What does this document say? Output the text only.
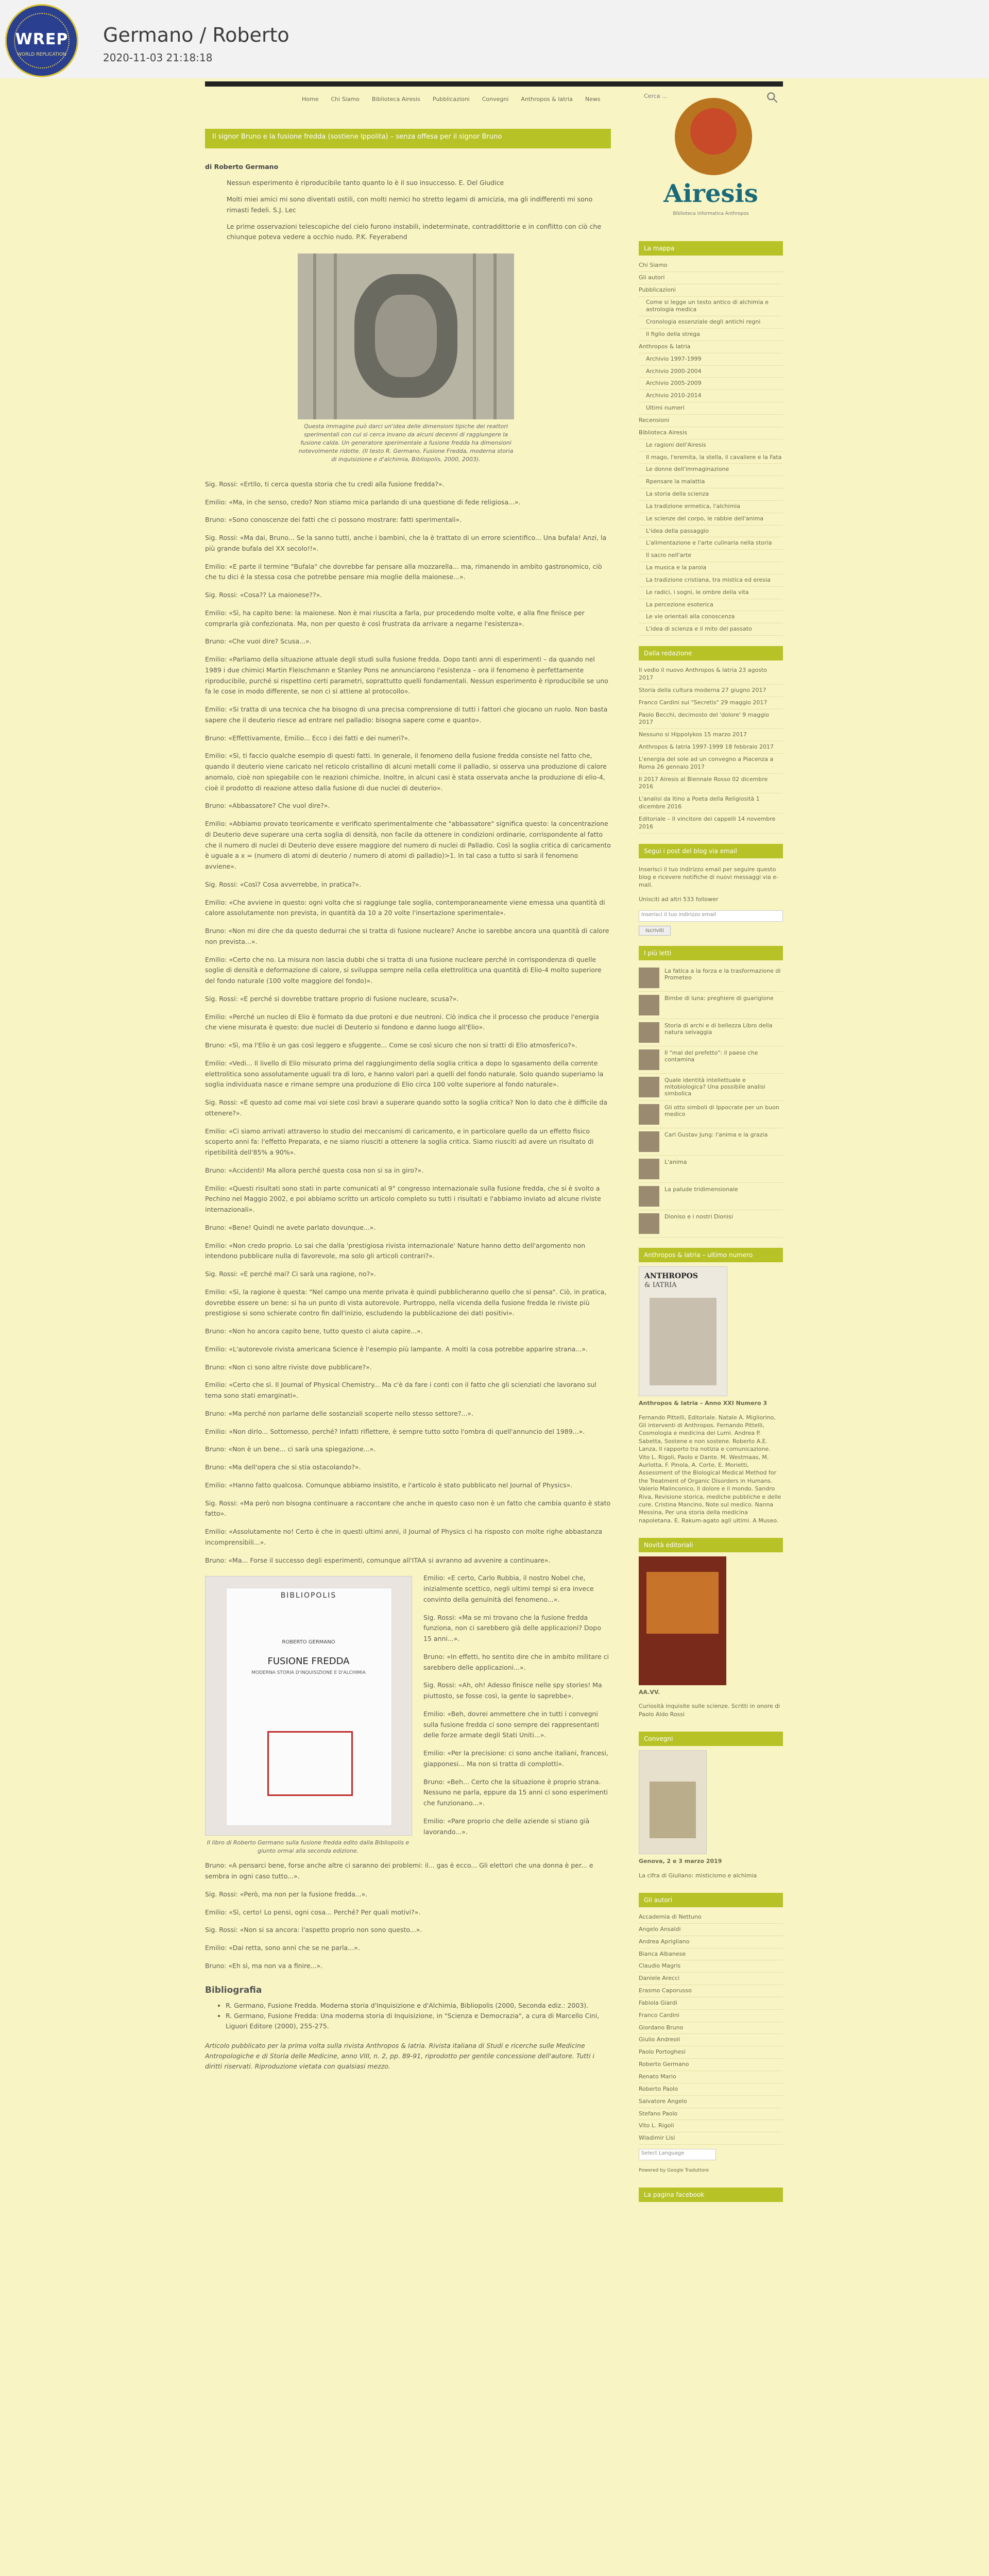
WREP
WORLD REPLICATION
Germano / Roberto
2020-11-03 21:18:18
Home Chi Siamo Biblioteca Airesis Pubblicazioni Convegni Anthropos & Iatria News	Cerca …
Il signor Bruno e la fusione fredda (sostiene Ippolita) – senza offesa per il signor Bruno
di Roberto Germano

Nessun esperimento è riproducibile tanto quanto lo è il suo insuccesso. E. Del Giudice

Molti miei amici mi sono diventati ostili, con molti nemici ho stretto legami di amicizia, ma gli indifferenti mi sono rimasti fedeli. S.J. Lec

Le prime osservazioni telescopiche del cielo furono instabili, indeterminate, contraddittorie e in conflitto con ciò che chiunque poteva vedere a occhio nudo. P.K. Feyerabend

Questa immagine può darci un'idea delle dimensioni tipiche dei reattori sperimentali con cui si cerca invano da alcuni decenni di raggiungere la fusione calda. Un generatore sperimentale a fusione fredda ha dimensioni notevolmente ridotte. (Il testo R. Germano, Fusione Fredda, moderna storia di inquisizione e d'alchimia, Bibliopolis, 2000, 2003).

Sig. Rossi: «Ertllo, ti cerca questa storia che tu credi alla fusione fredda?».

Emilio: «Ma, in che senso, credo? Non stiamo mica parlando di una questione di fede religiosa...».

Bruno: «Sono conoscenze dei fatti che ci possono mostrare: fatti sperimentali».

Sig. Rossi: «Ma dai, Bruno... Se la sanno tutti, anche i bambini, che la è trattato di un errore scientifico... Una bufala! Anzi, la più grande bufala del XX secolo!!».

Emilio: «E parte il termine "Bufala" che dovrebbe far pensare alla mozzarella... ma, rimanendo in ambito gastronomico, ciò che tu dici è la stessa cosa che potrebbe pensare mia moglie della maionese...».

Sig. Rossi: «Cosa?? La maionese??».

Emilio: «Sì, ha capito bene: la maionese. Non è mai riuscita a farla, pur procedendo molte volte, e alla fine finisce per comprarla già confezionata. Ma, non per questo è così frustrata da arrivare a negarne l'esistenza».

Bruno: «Che vuoi dire? Scusa...».

Emilio: «Parliamo della situazione attuale degli studi sulla fusione fredda. Dopo tanti anni di esperimenti – da quando nel 1989 i due chimici Martin Fleischmann e Stanley Pons ne annunciarono l'esistenza – ora il fenomeno è perfettamente riproducibile, purché si rispettino certi parametri, soprattutto quelli fondamentali. Nessun esperimento è riproducibile se uno fa le cose in modo differente, se non ci si attiene al protocollo».

Emilio: «Si tratta di una tecnica che ha bisogno di una precisa comprensione di tutti i fattori che giocano un ruolo. Non basta sapere che il deuterio riesce ad entrare nel palladio: bisogna sapere come e quanto».

Bruno: «Effettivamente, Emilio... Ecco i dei fatti e dei numeri?».

Emilio: «Sì, ti faccio qualche esempio di questi fatti. In generale, il fenomeno della fusione fredda consiste nel fatto che, quando il deuterio viene caricato nel reticolo cristallino di alcuni metalli come il palladio, si osserva una produzione di calore anomalo, cioè non spiegabile con le reazioni chimiche. Inoltre, in alcuni casi è stata osservata anche la produzione di elio-4, cioè il prodotto di reazione atteso dalla fusione di due nuclei di deuterio».

Bruno: «Abbassatore? Che vuol dire?».

Emilio: «Abbiamo provato teoricamente e verificato sperimentalmente che "abbassatore" significa questo: la concentrazione di Deuterio deve superare una certa soglia di densità, non facile da ottenere in condizioni ordinarie, corrispondente al fatto che il numero di nuclei di Deuterio deve essere maggiore del numero di nuclei di Palladio. Così la soglia critica di caricamento è uguale a x = (numero di atomi di deuterio / numero di atomi di palladio)>1. In tal caso a tutto si sarà il fenomeno avviene».

Sig. Rossi: «Così? Cosa avverrebbe, in pratica?».

Emilio: «Che avviene in questo: ogni volta che si raggiunge tale soglia, contemporaneamente viene emessa una quantità di calore assolutamente non prevista, in quantità da 10 a 20 volte l'insertazione sperimentale».

Bruno: «Non mi dire che da questo dedurrai che si tratta di fusione nucleare? Anche io sarebbe ancora una quantità di calore non prevista...».

Emilio: «Certo che no. La misura non lascia dubbi che si tratta di una fusione nucleare perché in corrispondenza di quelle soglie di densità e deformazione di calore, si sviluppa sempre nella cella elettrolitica una quantità di Elio-4 molto superiore del fondo naturale (100 volte maggiore del fondo)».

Sig. Rossi: «E perché si dovrebbe trattare proprio di fusione nucleare, scusa?».

Emilio: «Perché un nucleo di Elio è formato da due protoni e due neutroni. Ciò indica che il processo che produce l'energia che viene misurata è questo: due nuclei di Deuterio si fondono e danno luogo all'Elio».

Bruno: «Sì, ma l'Elio è un gas così leggero e sfuggente... Come se così sicuro che non si tratti di Elio atmosferico?».

Emilio: «Vedi... Il livello di Elio misurato prima del raggiungimento della soglia critica a dopo lo sgasamento della corrente elettrolitica sono assolutamente uguali tra di loro, e hanno valori pari a quelli del fondo naturale. Solo quando superiamo la soglia individuata nasce e rimane sempre una produzione di Elio circa 100 volte superiore al fondo naturale».

Sig. Rossi: «E questo ad come mai voi siete così bravi a superare quando sotto la soglia critica? Non lo dato che è difficile da ottenere?».

Emilio: «Ci siamo arrivati attraverso lo studio dei meccanismi di caricamento, e in particolare quello da un effetto fisico scoperto anni fa: l'effetto Preparata, e ne siamo riusciti a ottenere la soglia critica. Siamo riusciti ad avere un risultato di ripetibilità dell'85% a 90%».

Bruno: «Accidenti! Ma allora perché questa cosa non si sa in giro?».

Emilio: «Questi risultati sono stati in parte comunicati al 9° congresso internazionale sulla fusione fredda, che si è svolto a Pechino nel Maggio 2002, e poi abbiamo scritto un articolo completo su tutti i risultati e l'abbiamo inviato ad alcune riviste internazionali».

Bruno: «Bene! Quindi ne avete parlato dovunque...».

Emilio: «Non credo proprio. Lo sai che dalla 'prestigiosa rivista internazionale' Nature hanno detto dell'argomento non intendono pubblicare nulla di favorevole, ma solo gli articoli contrari?».

Sig. Rossi: «E perché mai? Ci sarà una ragione, no?».

Emilio: «Sì, la ragione è questa: "Nel campo una mente privata è quindi pubblicheranno quello che si pensa". Ciò, in pratica, dovrebbe essere un bene: si ha un punto di vista autorevole. Purtroppo, nella vicenda della fusione fredda le riviste più prestigiose si sono schierate contro fin dall'inizio, escludendo la pubblicazione dei dati positivi».

Bruno: «Non ho ancora capito bene, tutto questo ci aiuta capire...».

Emilio: «L'autorevole rivista americana Science è l'esempio più lampante. A molti la cosa potrebbe apparire strana...».

Bruno: «Non ci sono altre riviste dove pubblicare?».

Emilio: «Certo che sì. Il Journal of Physical Chemistry... Ma c'è da fare i conti con il fatto che gli scienziati che lavorano sul tema sono stati emarginati».

Bruno: «Ma perché non parlarne delle sostanziali scoperte nello stesso settore?...».

Emilio: «Non dirlo... Sottomesso, perché? Infatti riflettere, è sempre tutto sotto l'ombra di quell'annuncio del 1989...».

Bruno: «Non è un bene... ci sarà una spiegazione...».

Bruno: «Ma dell'opera che si stia ostacolando?».

Emilio: «Hanno fatto qualcosa. Comunque abbiamo insistito, e l'articolo è stato pubblicato nel Journal of Physics».

Sig. Rossi: «Ma però non bisogna continuare a raccontare che anche in questo caso non è un fatto che cambia quanto è stato fatto».

Emilio: «Assolutamente no! Certo è che in questi ultimi anni, il Journal of Physics ci ha risposto con molte righe abbastanza incomprensibili...».

Bruno: «Ma... Forse il successo degli esperimenti, comunque all'ITAA si avranno ad avvenire a continuare».

BIBLIOPOLIS
ROBERTO GERMANO
FUSIONE FREDDA
MODERNA STORIA D'INQUISIZIONE E D'ALCHIMIA
Il libro di Roberto Germano sulla fusione fredda edito dalla Bibliopolis e giunto ormai alla seconda edizione.

Emilio: «E certo, Carlo Rubbia, il nostro Nobel che, inizialmente scettico, negli ultimi tempi si era invece convinto della genuinità del fenomeno...».

Sig. Rossi: «Ma se mi trovano che la fusione fredda funziona, non ci sarebbero già delle applicazioni? Dopo 15 anni...».

Bruno: «In effetti, ho sentito dire che in ambito militare ci sarebbero delle applicazioni...».

Sig. Rossi: «Ah, oh! Adesso finisce nelle spy stories! Ma piuttosto, se fosse così, la gente lo saprebbe».

Emilio: «Beh, dovrei ammettere che in tutti i convegni sulla fusione fredda ci sono sempre dei rappresentanti delle forze armate degli Stati Uniti...».

Emilio: «Per la precisione: ci sono anche italiani, francesi, giapponesi... Ma non si tratta di complotti».

Bruno: «Beh... Certo che la situazione è proprio strana. Nessuno ne parla, eppure da 15 anni ci sono esperimenti che funzionano...».

Emilio: «Pare proprio che delle aziende si stiano già lavorando...».

Bruno: «A pensarci bene, forse anche altre ci saranno dei problemi: il... gas è ecco... Gli elettori che una donna è per... e sembra in ogni caso tutto...».

Sig. Rossi: «Però, ma non per la fusione fredda...».

Emilio: «Sì, certo! Lo pensi, ogni cosa... Perché? Per quali motivi?».

Sig. Rossi: «Non si sa ancora: l'aspetto proprio non sono questo...».

Emilio: «Dai retta, sono anni che se ne parla...».

Bruno: «Eh sì, ma non va a finire...».

Bibliografia
• R. Germano, Fusione Fredda. Moderna storia d'Inquisizione e d'Alchimia, Bibliopolis (2000, Seconda ediz.: 2003).
• R. Germano, Fusione Fredda: Una moderna storia di Inquisizione, in "Scienza e Democrazia", a cura di Marcello Cini, Liguori Editore (2000), 255-275.
Articolo pubblicato per la prima volta sulla rivista Anthropos & Iatria. Rivista italiana di Studi e ricerche sulle Medicine Antropologiche e di Storia delle Medicine, anno VIII, n. 2, pp. 89-91, riprodotto per gentile concessione dell'autore. Tutti i diritti riservati. Riproduzione vietata con qualsiasi mezzo.
Airesis
Biblioteca informatica Anthropos
La mappa
Chi Siamo
Gli autori
Pubblicazioni
Come si legge un testo antico di alchimia e astrologia medica
Cronologia essenziale degli antichi regni
Il figlio della strega
Anthropos & Iatria
Archivio 1997-1999
Archivio 2000-2004
Archivio 2005-2009
Archivio 2010-2014
Ultimi numeri
Recensioni
Biblioteca Airesis
Le ragioni dell'Airesis
Il mago, l'eremita, la stella, il cavaliere e la Fata
Le donne dell'immaginazione
Rpensare la malattia
La storia della scienza
La tradizione ermetica, l'alchimia
Le scienze del corpo, le rabbie dell'anima
L'idea della passaggio
L'alimentazione e l'arte culinaria nella storia
Il sacro nell'arte
La musica e la parola
La tradizione cristiana, tra mistica ed eresia
Le radici, i sogni, le ombre della vita
La percezione esoterica
Le vie orientali alla conoscenza
L'idea di scienza e il mito del passato
Dalla redazione
Il vedio il nuovo Anthropos & Iatria 23 agosto 2017
Storia della cultura moderna 27 giugno 2017
Franco Cardini sui "Secretis" 29 maggio 2017
Paolo Becchi, decimosto del 'dolore' 9 maggio 2017
Nessuno si Hippolykos 15 marzo 2017
Anthropos & Iatria 1997-1999 18 febbraio 2017
L'energia del sole ad un convegno a Piacenza a Roma 26 gennaio 2017
Il 2017 Airesis al Biennale Rosso 02 dicembre 2016
L'analisi da Itino a Poeta della Religiosità 1 dicembre 2016
Editoriale – Il vincitore dei cappelli 14 novembre 2016
Segui i post del blog via email
Inserisci il tuo indirizzo email per seguire questo blog e ricevere notifiche di nuovi messaggi via e-mail.
Unisciti ad altri 533 follower
Inserisci il tuo indirizzo email
Iscriviti
I più letti
La fatica a la forza e la trasformazione di Prometeo
Bimbe di luna: preghiere di guarigione
Storia di archi e di bellezza Libro della natura selvaggia
Il "mal del prefetto": il paese che contamina
Quale identità intellettuale e mitobiologica? Una possibile analisi simbolica
Gli otto simboli di Ippocrate per un buon medico
Carl Gustav Jung: l'anima e la grazia
L'anima
La palude tridimensionale
Dioniso e i nostri Dionisi
Anthropos & Iatria – ultimo numero
ANTHROPOS
& IATRIA
Anthropos & Iatria – Anno XXI Numero 3
Fernando Pittelli, Editoriale. Natale A. Migliorino, Gli interventi di Anthropos. Fernando Pittelli, Cosmologia e medicina dei Lumi. Andrea P. Sabetta, Sostene e non sostene. Roberto A.E. Lanza, Il rapporto tra notizia e comunicazione. Vito L. Rigoli, Paolo e Dante. M. Westmaas, M. Aurlotta, F. Pinola, A. Corte, E. Morietti, Assessment of the Biological Medical Method for the Treatment of Organic Disorders in Humans. Valerio Malinconico, Il dolore e il mondo. Sandro Riva, Revisione storica, mediche pubbliche e delle cure. Cristina Mancino, Note sul medico. Nanna Messina, Per una storia della medicina napoletana. E. Rakum-agato agli ultimi. A Museo.
Novità editoriali
AA.VV.
Curiosità inquisite sulle scienze. Scritti in onore di Paolo Aldo Rossi
Convegni
Genova, 2 e 3 marzo 2019
La cifra di Giuliano: misticismo e alchimia
Gli autori
Accademia di Nettuno
Angelo Ansaldi
Andrea Aprigliano
Bianca Albanese
Claudio Magris
Daniele Arecci
Erasmo Caporusso
Fabiola Giardi
Franco Cardini
Giordano Bruno
Giulio Andreoli
Paolo Portoghesi
Roberto Germano
Renato Mario
Roberto Paolo
Salvatore Angelo
Stefano Paolo
Vito L. Rigoli
Wladimir Lisi
Select Language
Powered by Google Traduttore
La pagina facebook
